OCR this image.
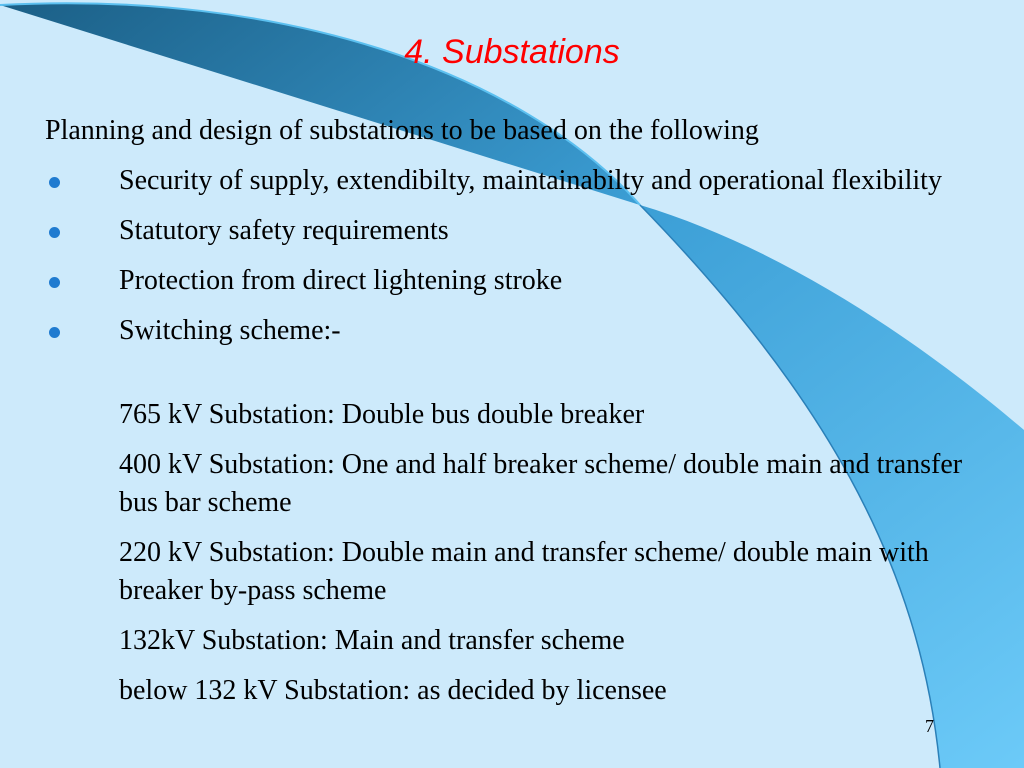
4. Substations
Planning and design of substations to be based on the following
Security of supply, extendibilty, maintainabilty and operational flexibility
Statutory safety requirements
Protection from direct lightening stroke
Switching scheme:-

765 kV Substation: Double bus double breaker

400 kV Substation: One and half breaker scheme/ double main and transfer bus bar scheme

220 kV Substation: Double main and transfer scheme/ double main with breaker by-pass scheme

132kV Substation: Main and transfer scheme

below 132 kV Substation: as decided by licensee

7
